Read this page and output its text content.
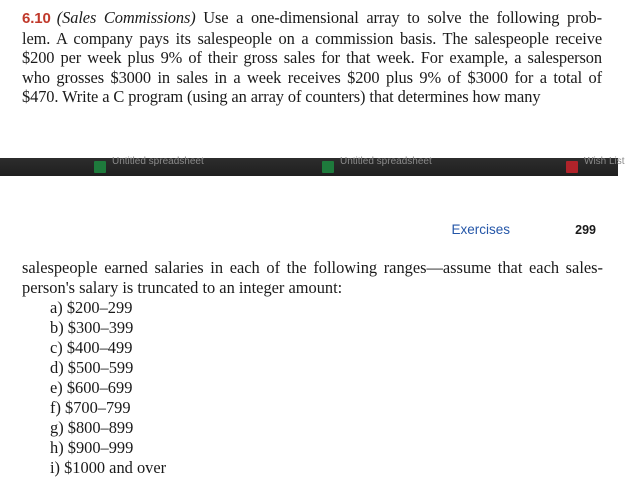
6.10 (Sales Commissions) Use a one-dimensional array to solve the following prob-
lem. A company pays its salespeople on a commission basis. The salespeople receive
$200 per week plus 9% of their gross sales for that week. For example, a salesperson
who grosses $3000 in sales in a week receives $200 plus 9% of $3000 for a total of
$470. Write a C program (using an array of counters) that determines how many
Untitled spreadsheet	Untitled spreadsheet	Wish List
Exercises	299
salespeople earned salaries in each of the following ranges—assume that each sales-
person's salary is truncated to an integer amount:
a) $200–299
b) $300–399
c) $400–499
d) $500–599
e) $600–699
f) $700–799
g) $800–899
h) $900–999
i) $1000 and over
